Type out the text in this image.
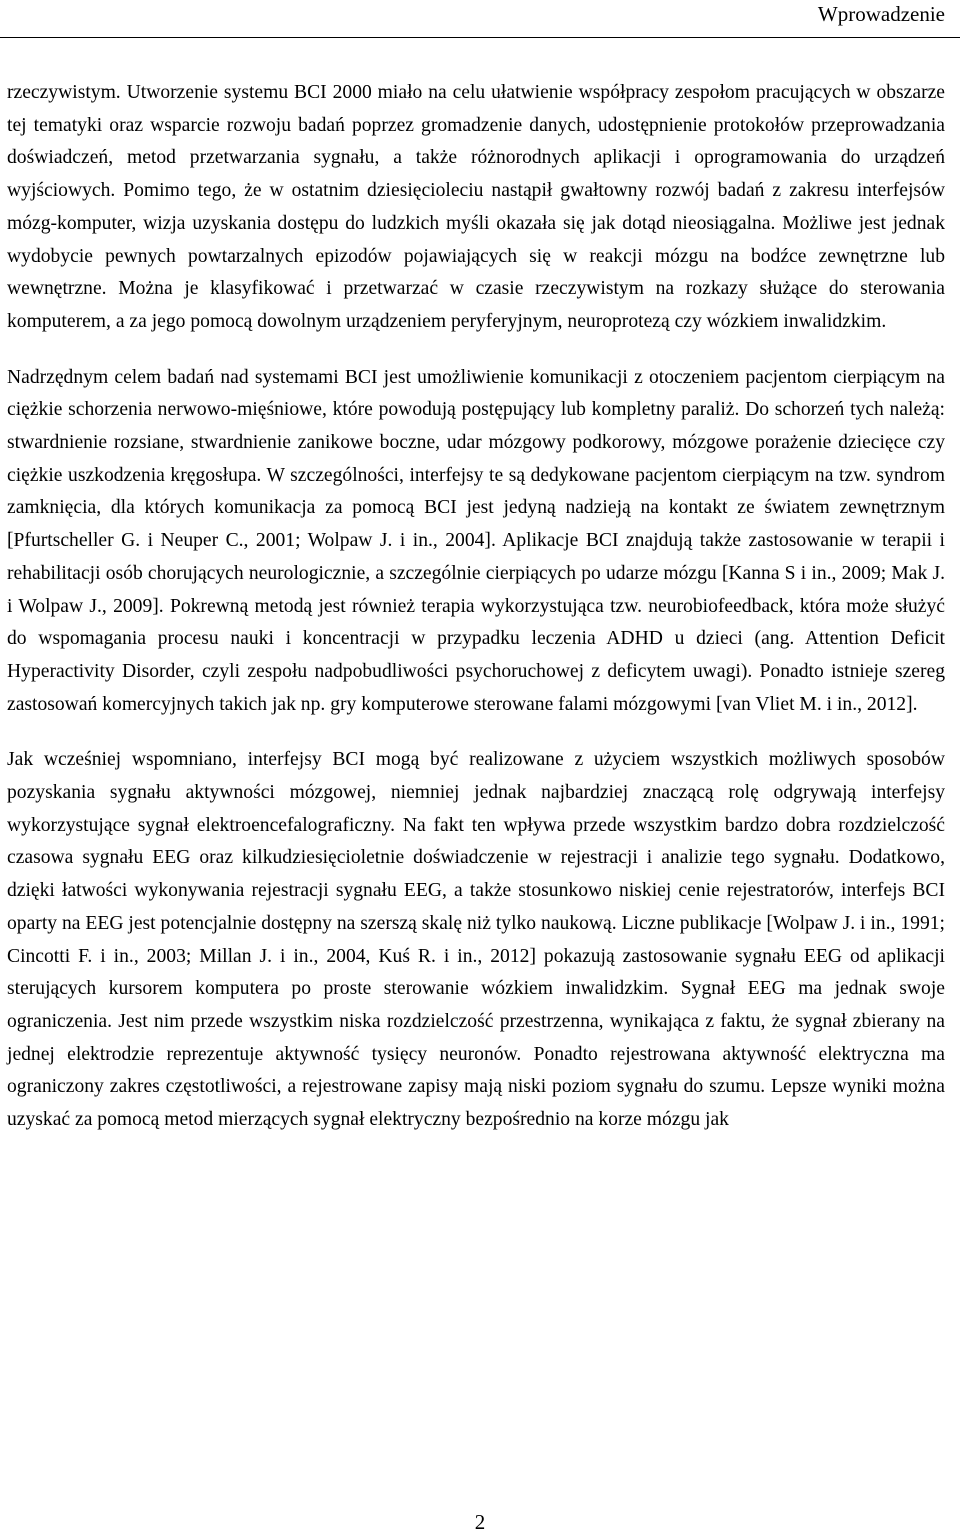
Wprowadzenie

rzeczywistym. Utworzenie systemu BCI 2000 miało na celu ułatwienie współpracy zespołom pracujących w obszarze tej tematyki oraz wsparcie rozwoju badań poprzez gromadzenie danych, udostępnienie protokołów przeprowadzania doświadczeń, metod przetwarzania sygnału, a także różnorodnych aplikacji i oprogramowania do urządzeń wyjściowych. Pomimo tego, że w ostatnim dziesięcioleciu nastąpił gwałtowny rozwój badań z zakresu interfejsów mózg-komputer, wizja uzyskania dostępu do ludzkich myśli okazała się jak dotąd nieosiągalna. Możliwe jest jednak wydobycie pewnych powtarzalnych epizodów pojawiających się w reakcji mózgu na bodźce zewnętrzne lub wewnętrzne. Można je klasyfikować i przetwarzać w czasie rzeczywistym na rozkazy służące do sterowania komputerem, a za jego pomocą dowolnym urządzeniem peryferyjnym, neuroprotezą czy wózkiem inwalidzkim.

Nadrzędnym celem badań nad systemami BCI jest umożliwienie komunikacji z otoczeniem pacjentom cierpiącym na ciężkie schorzenia nerwowo-mięśniowe, które powodują postępujący lub kompletny paraliż. Do schorzeń tych należą: stwardnienie rozsiane, stwardnienie zanikowe boczne, udar mózgowy podkorowy, mózgowe porażenie dziecięce czy ciężkie uszkodzenia kręgosłupa. W szczególności, interfejsy te są dedykowane pacjentom cierpiącym na tzw. syndrom zamknięcia, dla których komunikacja za pomocą BCI jest jedyną nadzieją na kontakt ze światem zewnętrznym [Pfurtscheller G. i Neuper C., 2001; Wolpaw J. i in., 2004]. Aplikacje BCI znajdują także zastosowanie w terapii i rehabilitacji osób chorujących neurologicznie, a szczególnie cierpiących po udarze mózgu [Kanna S i in., 2009; Mak J. i Wolpaw J., 2009]. Pokrewną metodą jest również terapia wykorzystująca tzw. neurobiofeedback, która może służyć do wspomagania procesu nauki i koncentracji w przypadku leczenia ADHD u dzieci (ang. Attention Deficit Hyperactivity Disorder, czyli zespołu nadpobudliwości psychoruchowej z deficytem uwagi). Ponadto istnieje szereg zastosowań komercyjnych takich jak np. gry komputerowe sterowane falami mózgowymi [van Vliet M. i in., 2012].

Jak wcześniej wspomniano, interfejsy BCI mogą być realizowane z użyciem wszystkich możliwych sposobów pozyskania sygnału aktywności mózgowej, niemniej jednak najbardziej znaczącą rolę odgrywają interfejsy wykorzystujące sygnał elektroencefalograficzny. Na fakt ten wpływa przede wszystkim bardzo dobra rozdzielczość czasowa sygnału EEG oraz kilkudziesięcioletnie doświadczenie w rejestracji i analizie tego sygnału. Dodatkowo, dzięki łatwości wykonywania rejestracji sygnału EEG, a także stosunkowo niskiej cenie rejestratorów, interfejs BCI oparty na EEG jest potencjalnie dostępny na szerszą skalę niż tylko naukową. Liczne publikacje [Wolpaw J. i in., 1991; Cincotti F. i in., 2003; Millan J. i in., 2004, Kuś R. i in., 2012] pokazują zastosowanie sygnału EEG od aplikacji sterujących kursorem komputera po proste sterowanie wózkiem inwalidzkim. Sygnał EEG ma jednak swoje ograniczenia. Jest nim przede wszystkim niska rozdzielczość przestrzenna, wynikająca z faktu, że sygnał zbierany na jednej elektrodzie reprezentuje aktywność tysięcy neuronów. Ponadto rejestrowana aktywność elektryczna ma ograniczony zakres częstotliwości, a rejestrowane zapisy mają niski poziom sygnału do szumu. Lepsze wyniki można uzyskać za pomocą metod mierzących sygnał elektryczny bezpośrednio na korze mózgu jak

2
